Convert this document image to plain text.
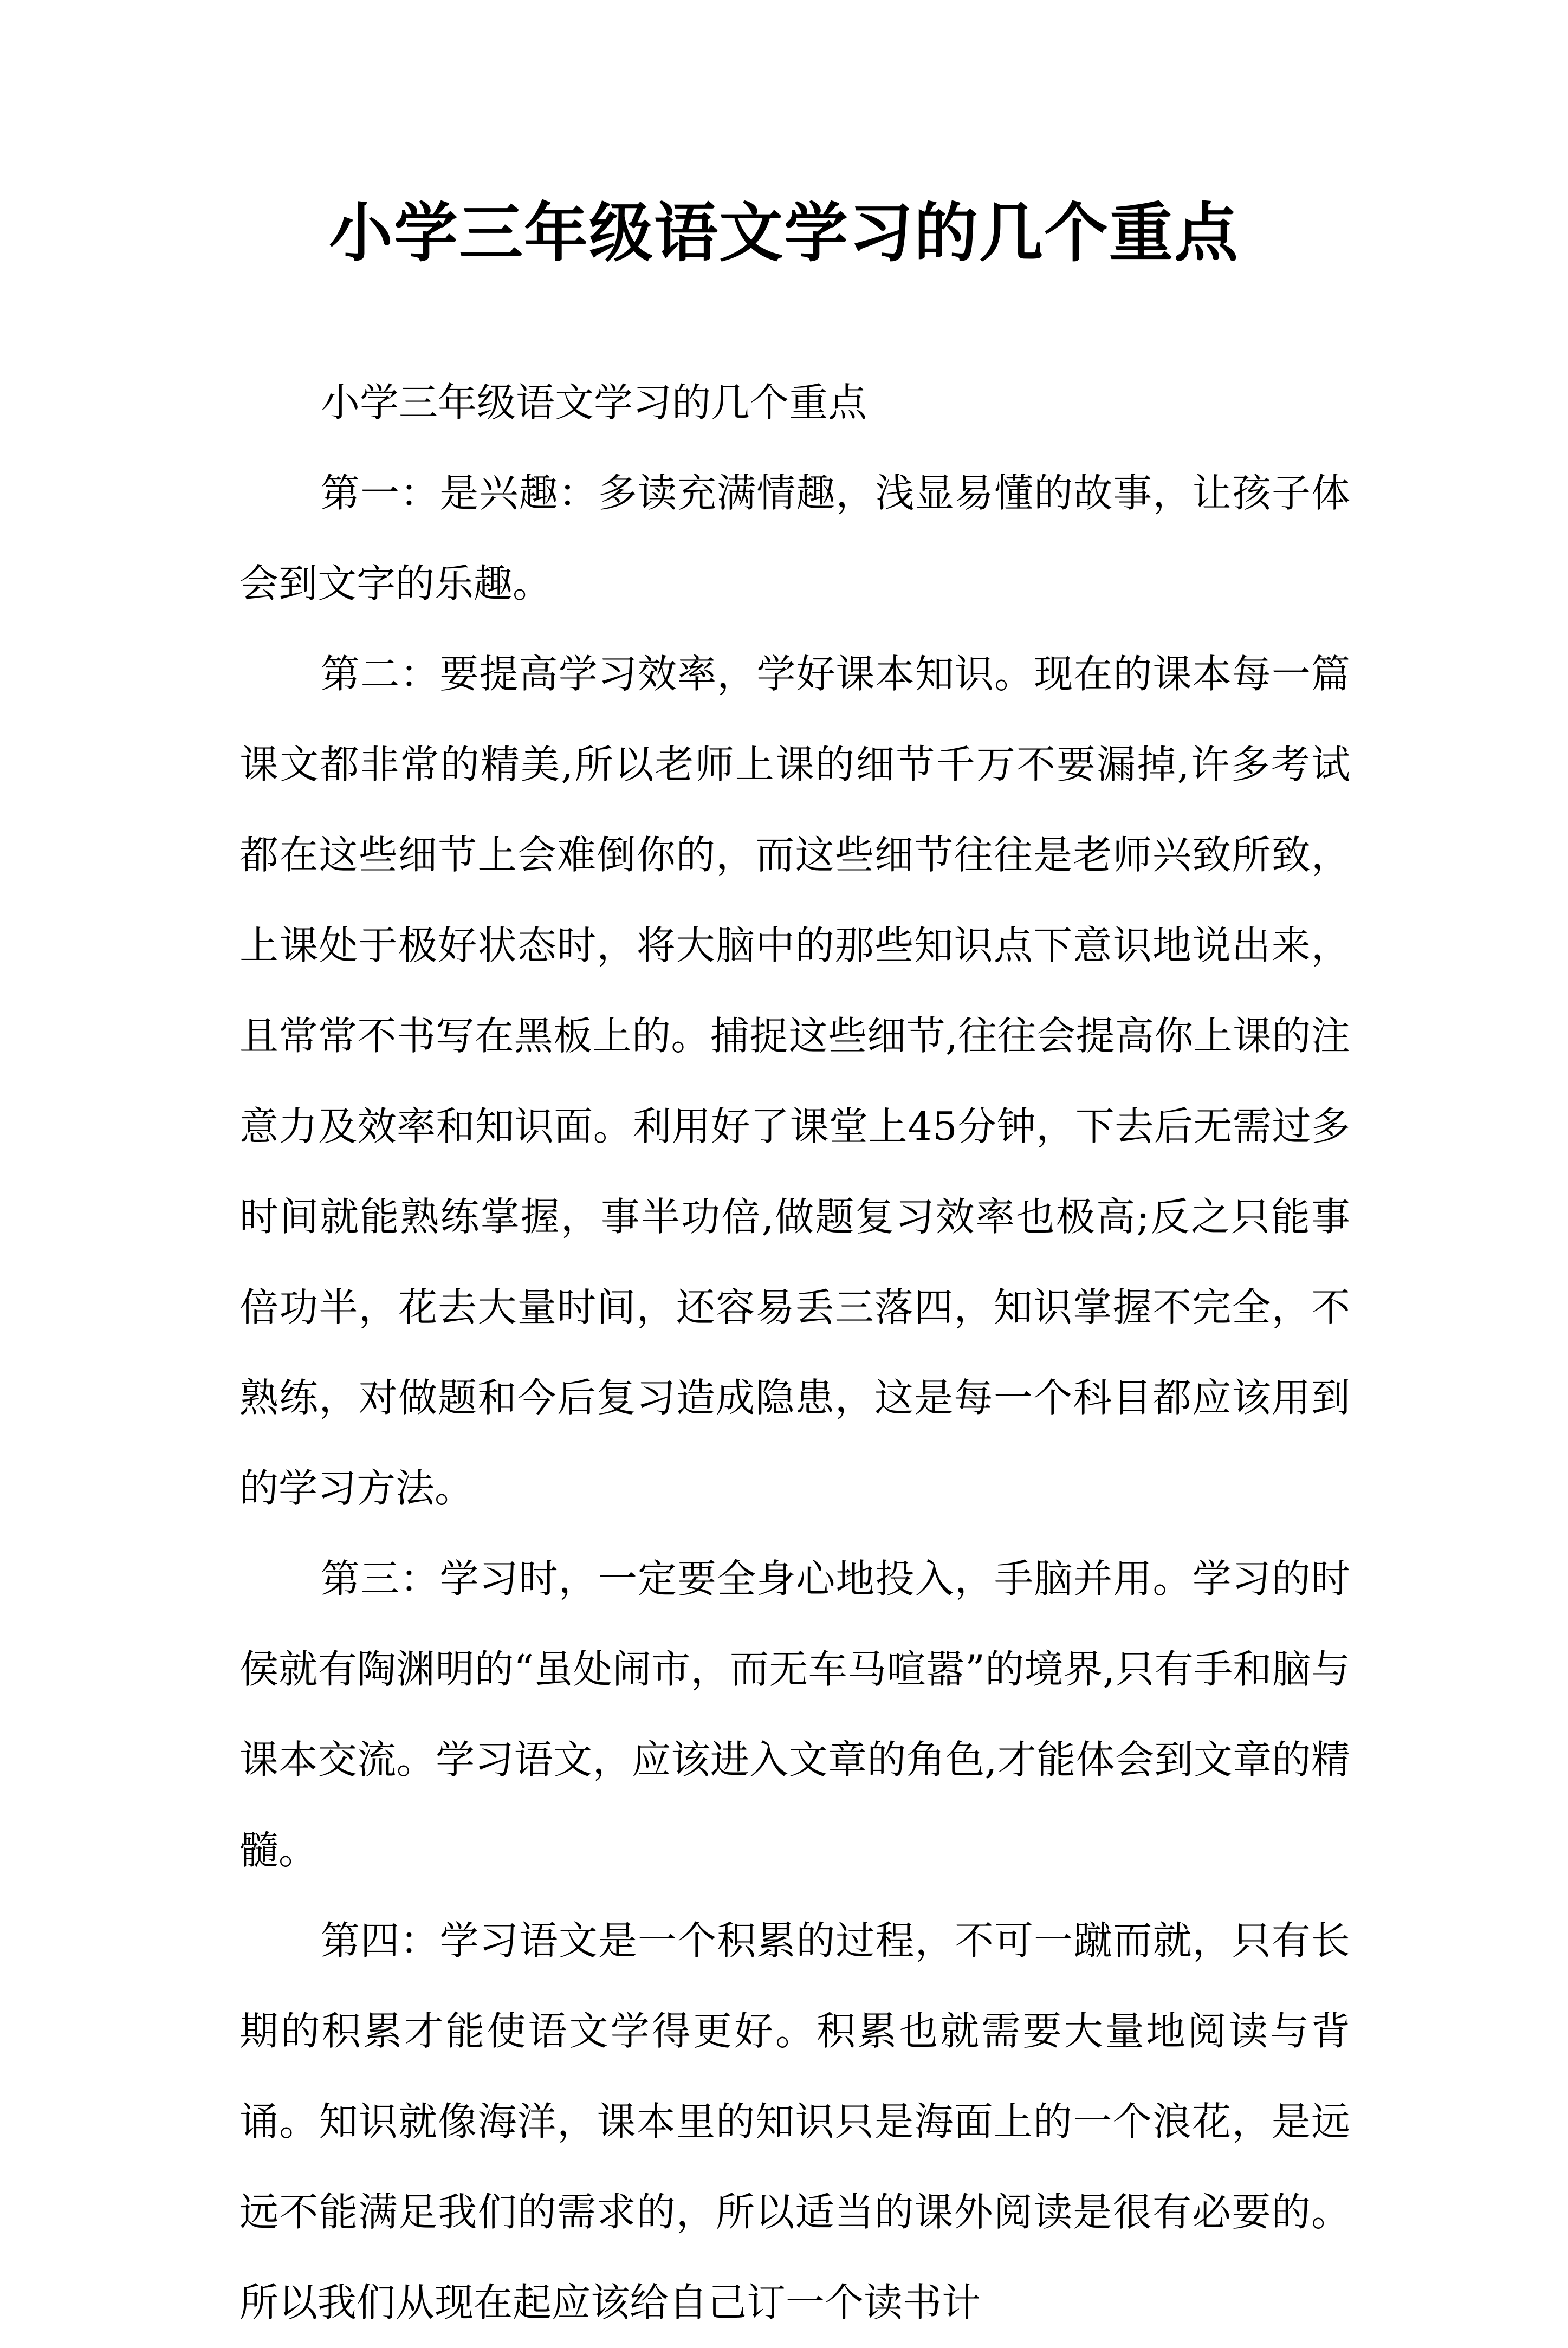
小学三年级语文学习的几个重点

小学三年级语文学习的几个重点

第一：是兴趣：多读充满情趣，浅显易懂的故事，让孩子体会到文字的乐趣。

第二：要提高学习效率，学好课本知识。现在的课本每一篇课文都非常的精美,所以老师上课的细节千万不要漏掉,许多考试都在这些细节上会难倒你的，而这些细节往往是老师兴致所致，上课处于极好状态时，将大脑中的那些知识点下意识地说出来，且常常不书写在黑板上的。捕捉这些细节,往往会提高你上课的注意力及效率和知识面。利用好了课堂上45分钟，下去后无需过多时间就能熟练掌握，事半功倍,做题复习效率也极高;反之只能事倍功半，花去大量时间，还容易丢三落四，知识掌握不完全，不熟练，对做题和今后复习造成隐患，这是每一个科目都应该用到的学习方法。

第三：学习时，一定要全身心地投入，手脑并用。学习的时侯就有陶渊明的“虽处闹市，而无车马喧嚣”的境界,只有手和脑与课本交流。学习语文，应该进入文章的角色,才能体会到文章的精髓。

第四：学习语文是一个积累的过程，不可一蹴而就，只有长期的积累才能使语文学得更好。积累也就需要大量地阅读与背诵。知识就像海洋，课本里的知识只是海面上的一个浪花，是远远不能满足我们的需求的，所以适当的课外阅读是很有必要的。所以我们从现在起应该给自己订一个读书计
